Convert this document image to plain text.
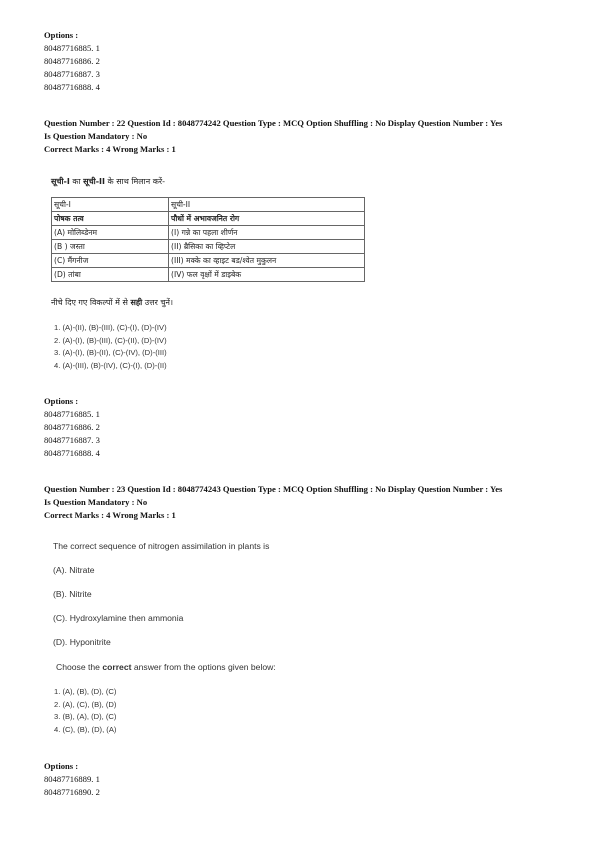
Options :
80487716885. 1
80487716886. 2
80487716887. 3
80487716888. 4
Question Number : 22 Question Id : 8048774242 Question Type : MCQ Option Shuffling : No Display Question Number : Yes
Is Question Mandatory : No
Correct Marks : 4 Wrong Marks : 1
सूची-I का सूची-II के साथ मिलान करें-
सूची-I	सूची-II
पोषक तत्व	पौधों में अभावजनित रोग
(A) मोलिब्डेनम	(I) गन्ने का पहला शीर्णन
(B ) जस्ता	(II) ब्रैसिका का व्हिप्टेल
(C) मैंगनीज	(III) मक्के का व्हाइट बड/श्वेत मुकुलन
(D) तांबा	(IV) फल वृक्षों में डाइबेक
नीचे दिए गए विकल्पों में से सही उत्तर चुनें।
1. (A)-(II), (B)-(III), (C)-(I), (D)-(IV)
2. (A)-(I), (B)-(III), (C)-(II), (D)-(IV)
3. (A)-(I), (B)-(II), (C)-(IV), (D)-(III)
4. (A)-(III), (B)-(IV), (C)-(I), (D)-(II)
Options :
80487716885. 1
80487716886. 2
80487716887. 3
80487716888. 4
Question Number : 23 Question Id : 8048774243 Question Type : MCQ Option Shuffling : No Display Question Number : Yes
Is Question Mandatory : No
Correct Marks : 4 Wrong Marks : 1
The correct sequence of nitrogen assimilation in plants is
(A). Nitrate
(B). Nitrite
(C). Hydroxylamine then ammonia
(D). Hyponitrite
Choose the correct answer from the options given below:
1. (A), (B), (D), (C)
2. (A), (C), (B), (D)
3. (B), (A), (D), (C)
4. (C), (B), (D), (A)
Options :
80487716889. 1
80487716890. 2
